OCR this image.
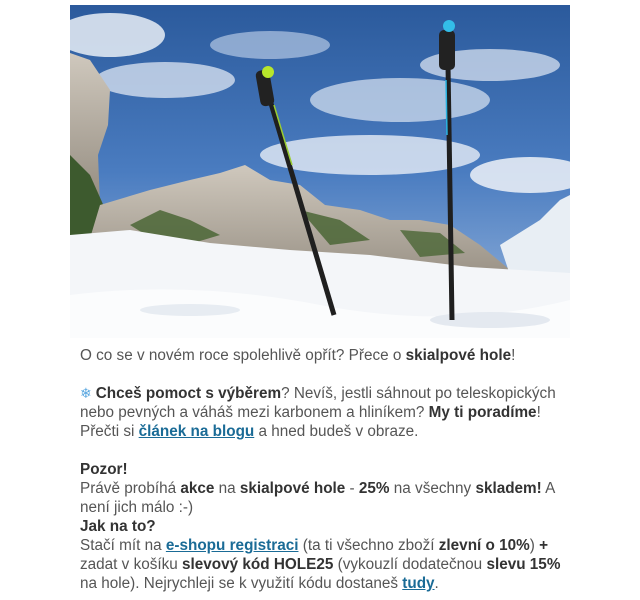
O co se v novém roce spolehlivě opřít? Přece o skialpové hole!

❄ Chceš pomoct s výběrem? Nevíš, jestli sáhnout po teleskopických nebo pevných a váháš mezi karbonem a hliníkem? My ti poradíme! Přečti si článek na blogu a hned budeš v obraze.

Pozor!
Právě probíhá akce na skialpové hole - 25% na všechny skladem! A není jich málo :-)
Jak na to?
Stačí mít na e-shopu registraci (ta ti všechno zboží zlevní o 10%) + zadat v košíku slevový kód HOLE25 (vykouzlí dodatečnou slevu 15% na hole). Nejrychleji se k využití kódu dostaneš tudy.
